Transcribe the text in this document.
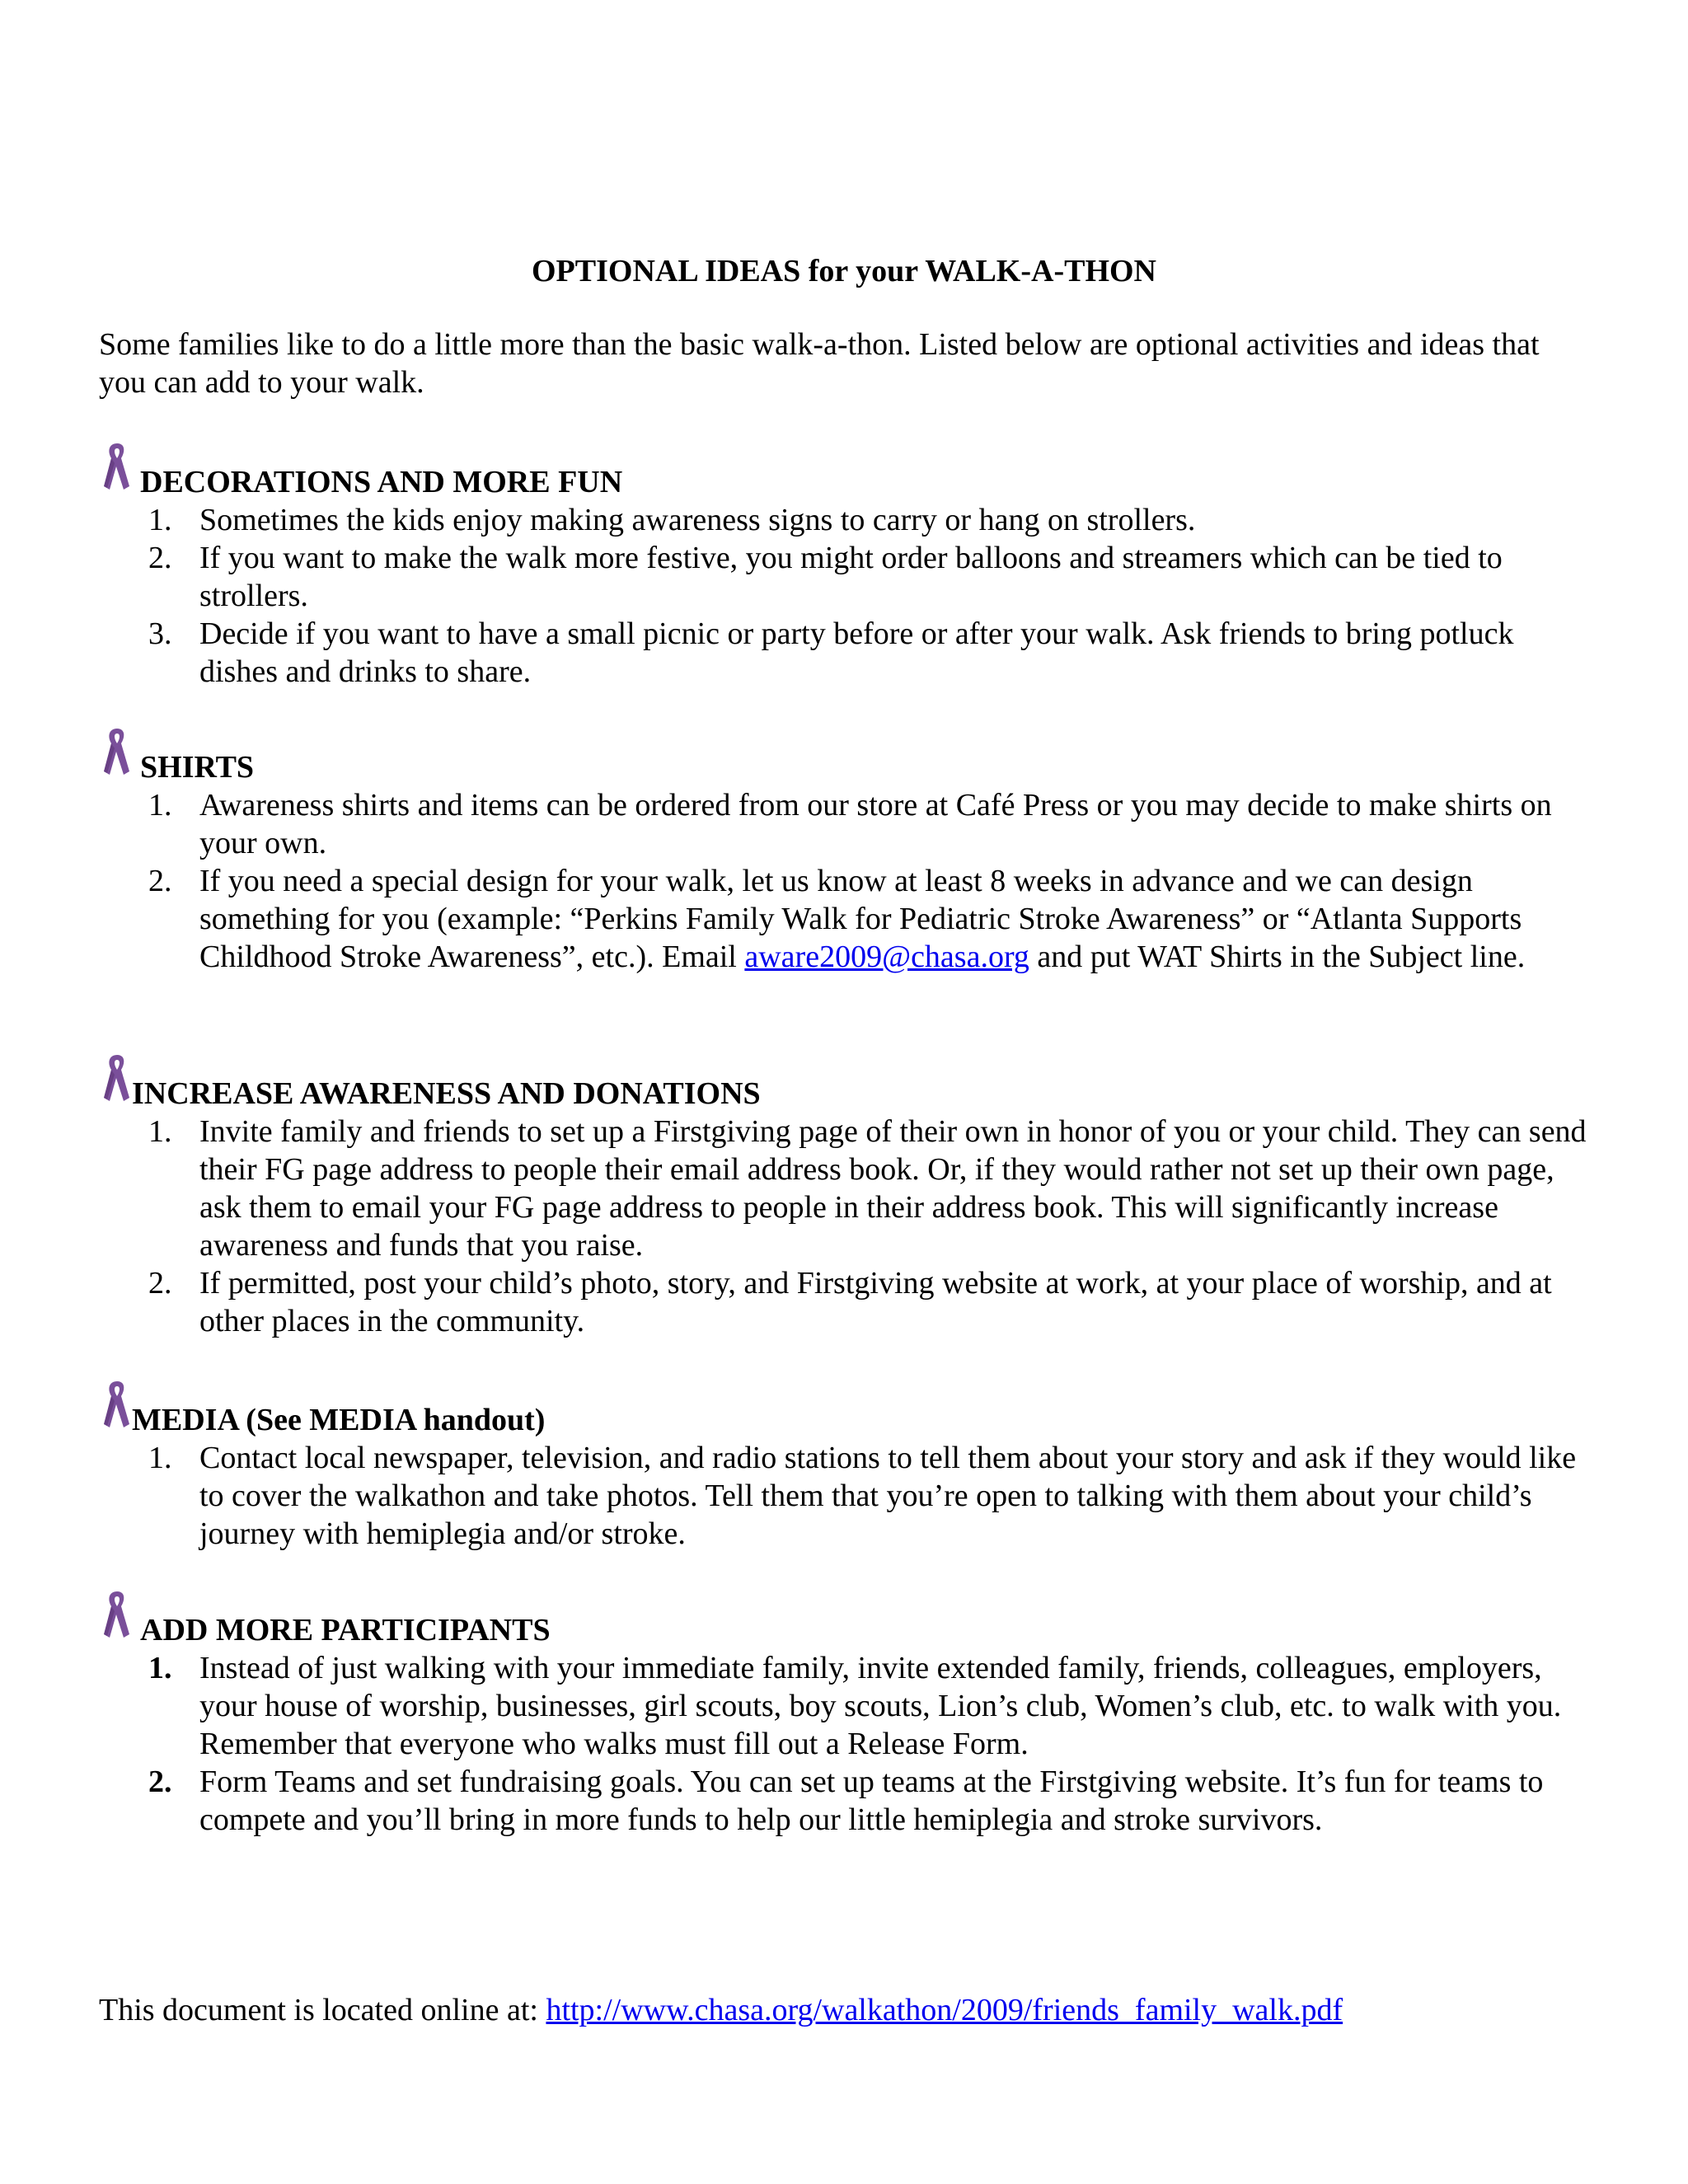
OPTIONAL IDEAS for your WALK-A-THON
Some families like to do a little more than the basic walk-a-thon. Listed below are optional activities and ideas that you can add to your walk.
DECORATIONS AND MORE FUN
1. Sometimes the kids enjoy making awareness signs to carry or hang on strollers.
2. If you want to make the walk more festive, you might order balloons and streamers which can be tied to strollers.
3. Decide if you want to have a small picnic or party before or after your walk. Ask friends to bring potluck dishes and drinks to share.
SHIRTS
1. Awareness shirts and items can be ordered from our store at Café Press or you may decide to make shirts on your own.
2. If you need a special design for your walk, let us know at least 8 weeks in advance and we can design something for you (example: “Perkins Family Walk for Pediatric Stroke Awareness” or “Atlanta Supports Childhood Stroke Awareness”, etc.). Email aware2009@chasa.org and put WAT Shirts in the Subject line.
INCREASE AWARENESS AND DONATIONS
1. Invite family and friends to set up a Firstgiving page of their own in honor of you or your child. They can send their FG page address to people their email address book. Or, if they would rather not set up their own page, ask them to email your FG page address to people in their address book. This will significantly increase awareness and funds that you raise.
2. If permitted, post your child’s photo, story, and Firstgiving website at work, at your place of worship, and at other places in the community.
MEDIA (See MEDIA handout)
1. Contact local newspaper, television, and radio stations to tell them about your story and ask if they would like to cover the walkathon and take photos. Tell them that you’re open to talking with them about your child’s journey with hemiplegia and/or stroke.
ADD MORE PARTICIPANTS
1. Instead of just walking with your immediate family, invite extended family, friends, colleagues, employers, your house of worship, businesses, girl scouts, boy scouts, Lion’s club, Women’s club, etc. to walk with you. Remember that everyone who walks must fill out a Release Form.
2. Form Teams and set fundraising goals. You can set up teams at the Firstgiving website. It’s fun for teams to compete and you’ll bring in more funds to help our little hemiplegia and stroke survivors.
This document is located online at: http://www.chasa.org/walkathon/2009/friends_family_walk.pdf
